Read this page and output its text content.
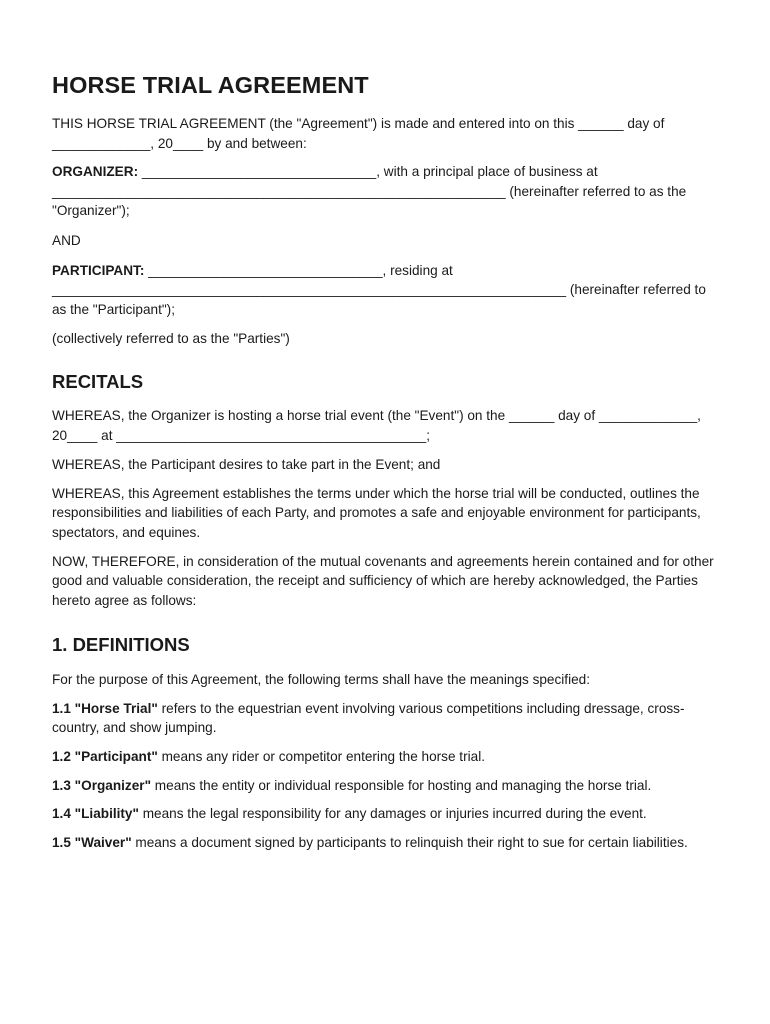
HORSE TRIAL AGREEMENT

THIS HORSE TRIAL AGREEMENT (the "Agreement") is made and entered into on this ______ day of _____________, 20____ by and between:

ORGANIZER: _______________________________, with a principal place of business at ____________________________________________________________ (hereinafter referred to as the "Organizer");

AND

PARTICIPANT: _______________________________, residing at ____________________________________________________________________ (hereinafter referred to as the "Participant");

(collectively referred to as the "Parties")

RECITALS

WHEREAS, the Organizer is hosting a horse trial event (the "Event") on the ______ day of _____________, 20____ at _________________________________________;

WHEREAS, the Participant desires to take part in the Event; and

WHEREAS, this Agreement establishes the terms under which the horse trial will be conducted, outlines the responsibilities and liabilities of each Party, and promotes a safe and enjoyable environment for participants, spectators, and equines.

NOW, THEREFORE, in consideration of the mutual covenants and agreements herein contained and for other good and valuable consideration, the receipt and sufficiency of which are hereby acknowledged, the Parties hereto agree as follows:

1. DEFINITIONS

For the purpose of this Agreement, the following terms shall have the meanings specified:

1.1 "Horse Trial" refers to the equestrian event involving various competitions including dressage, cross-country, and show jumping.

1.2 "Participant" means any rider or competitor entering the horse trial.

1.3 "Organizer" means the entity or individual responsible for hosting and managing the horse trial.

1.4 "Liability" means the legal responsibility for any damages or injuries incurred during the event.

1.5 "Waiver" means a document signed by participants to relinquish their right to sue for certain liabilities.
